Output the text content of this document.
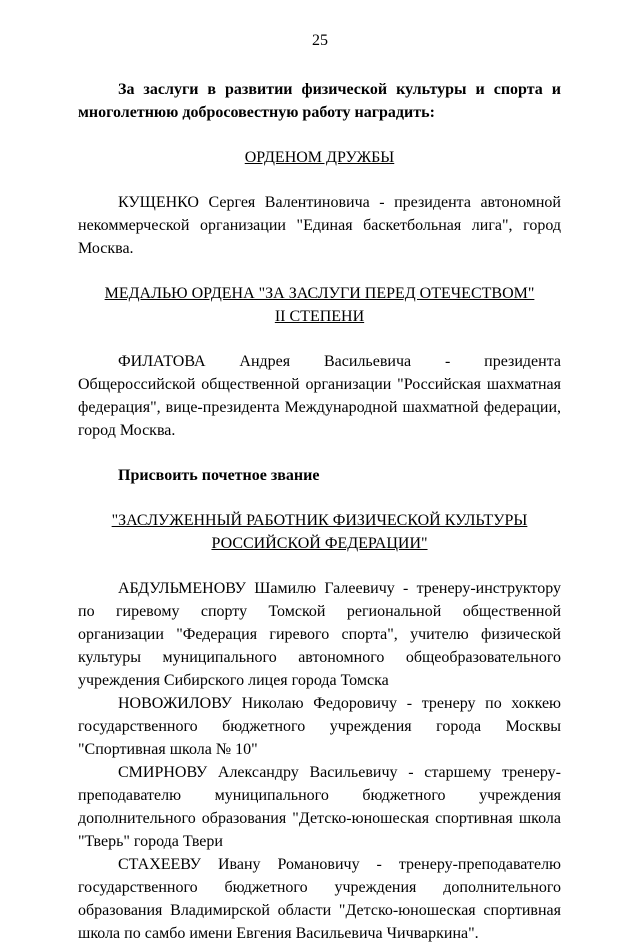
25

За заслуги в развитии физической культуры и спорта и многолетнюю добросовестную работу наградить:

ОРДЕНОМ ДРУЖБЫ

КУЩЕНКО Сергея Валентиновича - президента автономной некоммерческой организации "Единая баскетбольная лига", город Москва.

МЕДАЛЬЮ ОРДЕНА "ЗА ЗАСЛУГИ ПЕРЕД ОТЕЧЕСТВОМ"
II СТЕПЕНИ

ФИЛАТОВА Андрея Васильевича - президента Общероссийской общественной организации "Российская шахматная федерация", вице-президента Международной шахматной федерации, город Москва.

Присвоить почетное звание

"ЗАСЛУЖЕННЫЙ РАБОТНИК ФИЗИЧЕСКОЙ КУЛЬТУРЫ
РОССИЙСКОЙ ФЕДЕРАЦИИ"

АБДУЛЬМЕНОВУ Шамилю Галеевичу - тренеру-инструктору по гиревому спорту Томской региональной общественной организации "Федерация гиревого спорта", учителю физической культуры муниципального автономного общеобразовательного учреждения Сибирского лицея города Томска

НОВОЖИЛОВУ Николаю Федоровичу - тренеру по хоккею государственного бюджетного учреждения города Москвы "Спортивная школа № 10"

СМИРНОВУ Александру Васильевичу - старшему тренеру-преподавателю муниципального бюджетного учреждения дополнительного образования "Детско-юношеская спортивная школа "Тверь" города Твери

СТАХЕЕВУ Ивану Романовичу - тренеру-преподавателю государственного бюджетного учреждения дополнительного образования Владимирской области "Детско-юношеская спортивная школа по самбо имени Евгения Васильевича Чичваркина".
